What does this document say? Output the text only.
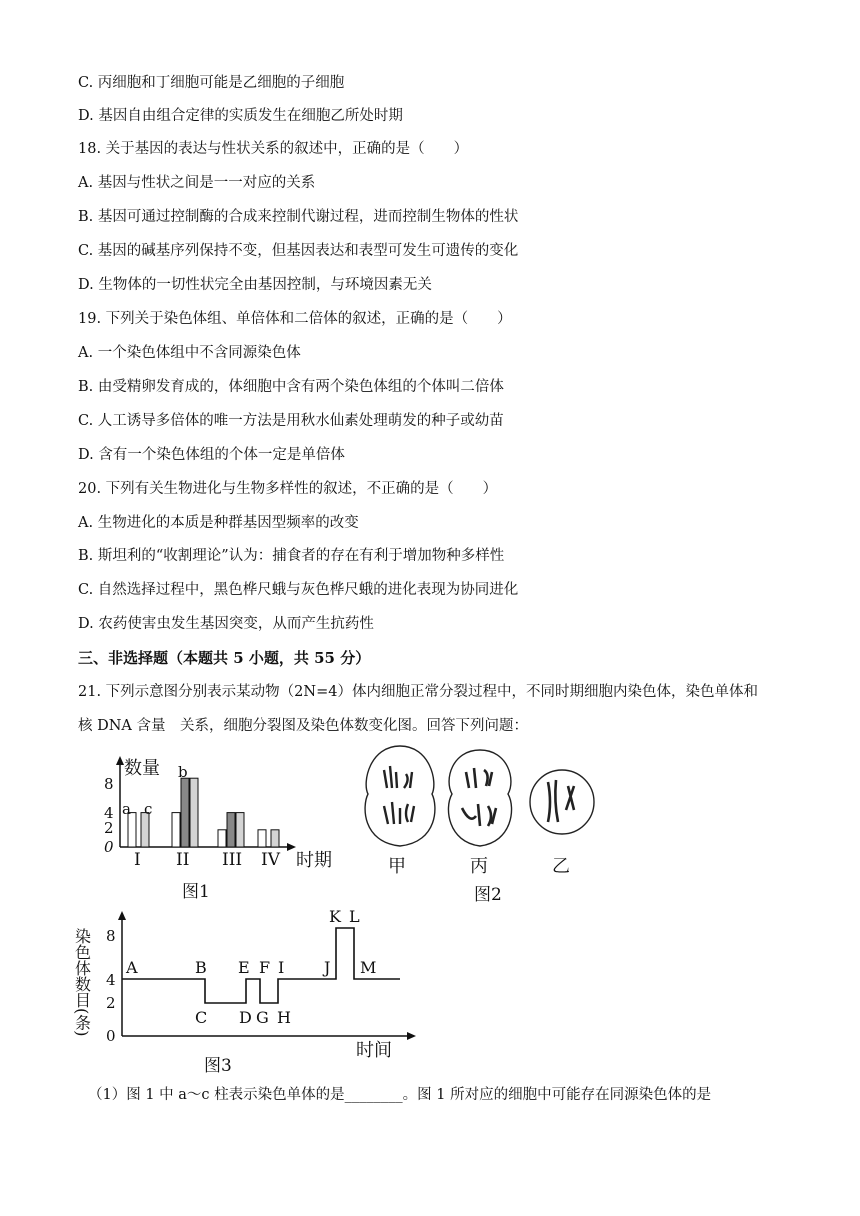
C. 丙细胞和丁细胞可能是乙细胞的子细胞
D. 基因自由组合定律的实质发生在细胞乙所处时期
18. 关于基因的表达与性状关系的叙述中，正确的是（　　）
A. 基因与性状之间是一一对应的关系
B. 基因可通过控制酶的合成来控制代谢过程，进而控制生物体的性状
C. 基因的碱基序列保持不变，但基因表达和表型可发生可遗传的变化
D. 生物体的一切性状完全由基因控制，与环境因素无关
19. 下列关于染色体组、单倍体和二倍体的叙述，正确的是（　　）
A. 一个染色体组中不含同源染色体
B. 由受精卵发育成的，体细胞中含有两个染色体组的个体叫二倍体
C. 人工诱导多倍体的唯一方法是用秋水仙素处理萌发的种子或幼苗
D. 含有一个染色体组的个体一定是单倍体
20. 下列有关生物进化与生物多样性的叙述，不正确的是（　　）
A. 生物进化的本质是种群基因型频率的改变
B. 斯坦利的“收割理论”认为：捕食者的存在有利于增加物种多样性
C. 自然选择过程中，黑色桦尺蛾与灰色桦尺蛾的进化表现为协同进化
D. 农药使害虫发生基因突变，从而产生抗药性
三、非选择题（本题共 5 小题，共 55 分）
21. 下列示意图分别表示某动物（2N=4）体内细胞正常分裂过程中，不同时期细胞内染色体，染色单体和
核 DNA 含量　关系，细胞分裂图及染色体数变化图。回答下列问题：
数量
时期
8
4
2
0
a c
b
I II III IV
图1
甲	丙	乙
图2
染色体数目(条)
时间
8
4
2
0
A	B
C
E F I
D G H
J
K L
M
图3
（1）图 1 中 a～c 柱表示染色单体的是________。图 1 所对应的细胞中可能存在同源染色体的是
